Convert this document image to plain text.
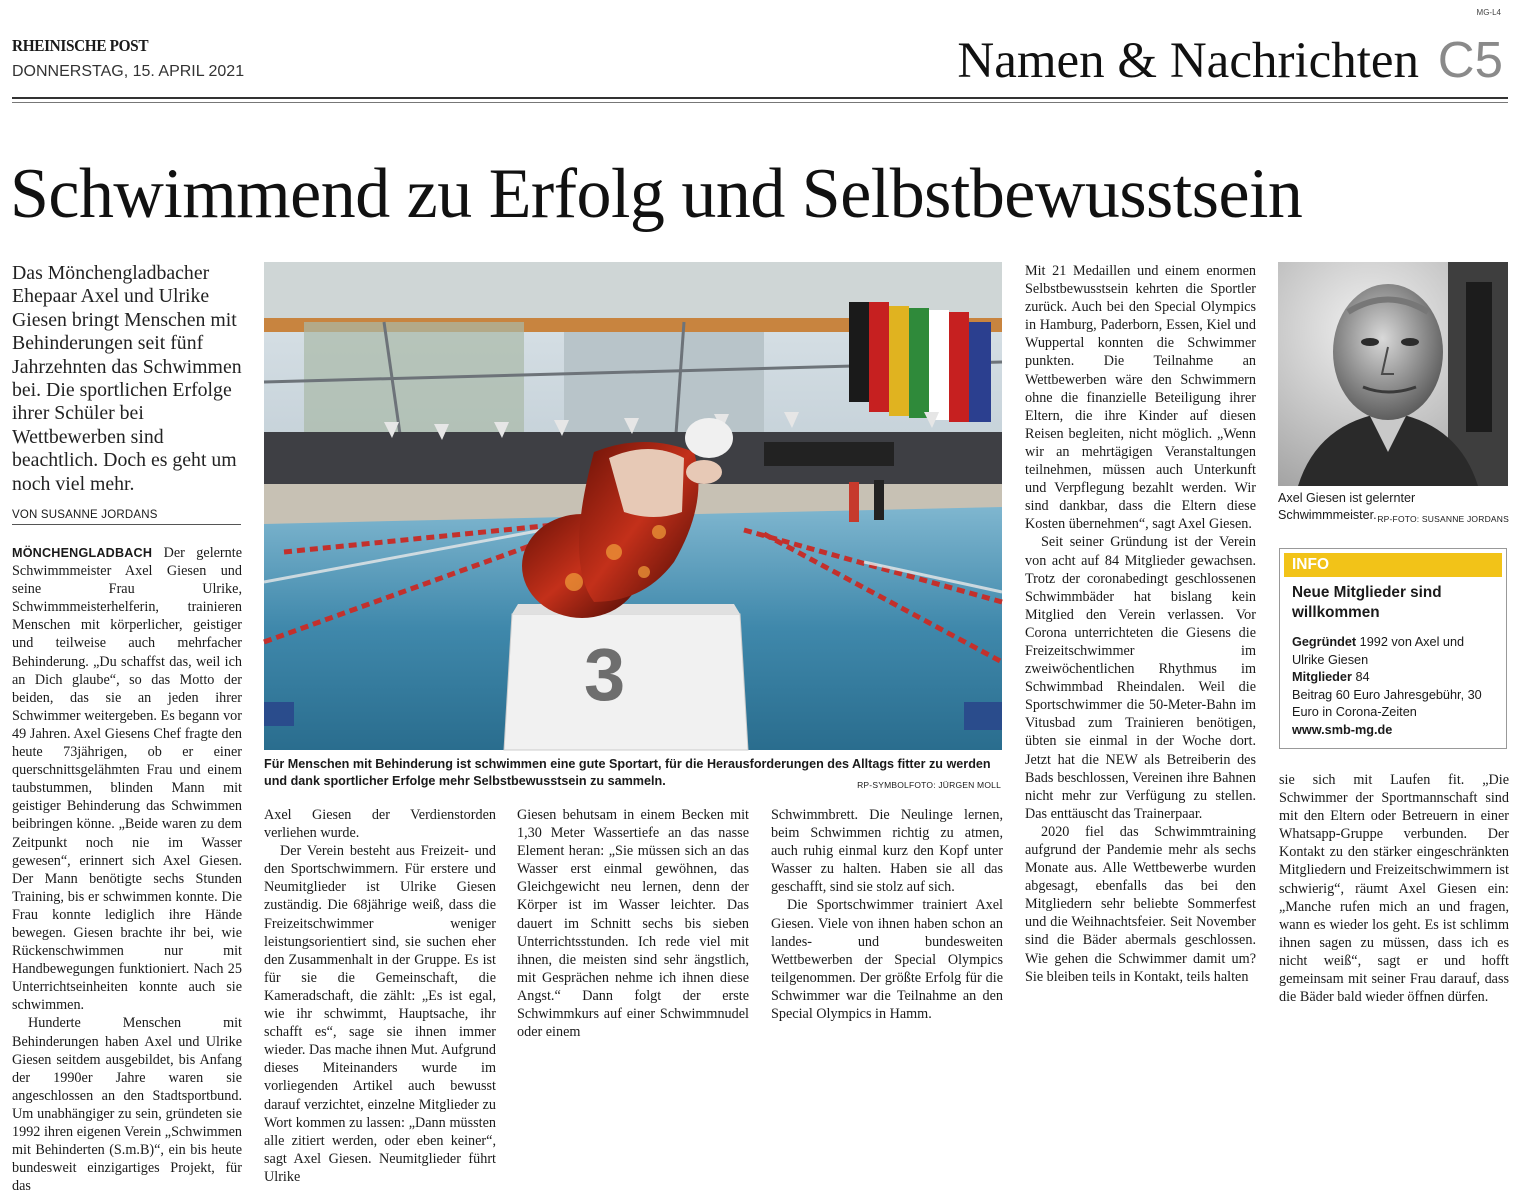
MG-L4
RHEINISCHE POST
DONNERSTAG, 15. APRIL 2021	Namen & Nachrichten C5
Schwimmend zu Erfolg und Selbstbewusstsein
Das Mönchengladbacher Ehepaar Axel und Ulrike Giesen bringt Menschen mit Behinderungen seit fünf Jahrzehnten das Schwimmen bei. Die sportlichen Erfolge ihrer Schüler bei Wettbewerben sind beachtlich. Doch es geht um noch viel mehr.
VON SUSANNE JORDANS
3
Für Menschen mit Behinderung ist schwimmen eine gute Sportart, für die Herausforderungen des Alltags fitter zu werden und dank sportlicher Erfolge mehr Selbstbewusstsein zu sammeln.	RP-SYMBOLFOTO: JÜRGEN MOLL
Axel Giesen ist gelernter Schwimmmeister. RP-FOTO: SUSANNE JORDANS
INFO
Neue Mitglieder sind willkommen
Gegründet 1992 von Axel und Ulrike Giesen
Mitglieder 84
Beitrag 60 Euro Jahresgebühr, 30 Euro in Corona-Zeiten
www.smb-mg.de

MÖNCHENGLADBACH Der gelernte Schwimmmeister Axel Giesen und seine Frau Ulrike, Schwimmmeisterhelferin, trainieren Menschen mit körperlicher, geistiger und teilweise auch mehrfacher Behinderung. „Du schaffst das, weil ich an Dich glaube“, so das Motto der beiden, das sie an jeden ihrer Schwimmer weitergeben. Es begann vor 49 Jahren. Axel Giesens Chef fragte den heute 73jährigen, ob er einer querschnittsgelähmten Frau und einem taubstummen, blinden Mann mit geistiger Behinderung das Schwimmen beibringen könne. „Beide waren zu dem Zeitpunkt noch nie im Wasser gewesen“, erinnert sich Axel Giesen. Der Mann benötigte sechs Stunden Training, bis er schwimmen konnte. Die Frau konnte lediglich ihre Hände bewegen. Giesen brachte ihr bei, wie Rückenschwimmen nur mit Handbewegungen funktioniert. Nach 25 Unterrichtseinheiten konnte auch sie schwimmen.

Hunderte Menschen mit Behinderungen haben Axel und Ulrike Giesen seitdem ausgebildet, bis Anfang der 1990er Jahre waren sie angeschlossen an den Stadtsportbund. Um unabhängiger zu sein, gründeten sie 1992 ihren eigenen Verein „Schwimmen mit Behinderten (S.m.B)“, ein bis heute bundesweit einzigartiges Projekt, für das

Axel Giesen der Verdienstorden verliehen wurde.

Der Verein besteht aus Freizeit- und den Sportschwimmern. Für erstere und Neumitglieder ist Ulrike Giesen zuständig. Die 68jährige weiß, dass die Freizeitschwimmer weniger leistungsorientiert sind, sie suchen eher den Zusammenhalt in der Gruppe. Es ist für sie die Gemeinschaft, die Kameradschaft, die zählt: „Es ist egal, wie ihr schwimmt, Hauptsache, ihr schafft es“, sage sie ihnen immer wieder. Das mache ihnen Mut. Aufgrund dieses Miteinanders wurde im vorliegenden Artikel auch bewusst darauf verzichtet, einzelne Mitglieder zu Wort kommen zu lassen: „Dann müssten alle zitiert werden, oder eben keiner“, sagt Axel Giesen. Neumitglieder führt Ulrike

Giesen behutsam in einem Becken mit 1,30 Meter Wassertiefe an das nasse Element heran: „Sie müssen sich an das Wasser erst einmal gewöhnen, das Gleichgewicht neu lernen, denn der Körper ist im Wasser leichter. Das dauert im Schnitt sechs bis sieben Unterrichtsstunden. Ich rede viel mit ihnen, die meisten sind sehr ängstlich, mit Gesprächen nehme ich ihnen diese Angst.“ Dann folgt der erste Schwimmkurs auf einer Schwimmnudel oder einem

Schwimmbrett. Die Neulinge lernen, beim Schwimmen richtig zu atmen, auch ruhig einmal kurz den Kopf unter Wasser zu halten. Haben sie all das geschafft, sind sie stolz auf sich.

Die Sportschwimmer trainiert Axel Giesen. Viele von ihnen haben schon an landes- und bundesweiten Wettbewerben der Special Olympics teilgenommen. Der größte Erfolg für die Schwimmer war die Teilnahme an den Special Olympics in Hamm.

Mit 21 Medaillen und einem enormen Selbstbewusstsein kehrten die Sportler zurück. Auch bei den Special Olympics in Hamburg, Paderborn, Essen, Kiel und Wuppertal konnten die Schwimmer punkten. Die Teilnahme an Wettbewerben wäre den Schwimmern ohne die finanzielle Beteiligung ihrer Eltern, die ihre Kinder auf diesen Reisen begleiten, nicht möglich. „Wenn wir an mehrtägigen Veranstaltungen teilnehmen, müssen auch Unterkunft und Verpflegung bezahlt werden. Wir sind dankbar, dass die Eltern diese Kosten übernehmen“, sagt Axel Giesen.

Seit seiner Gründung ist der Verein von acht auf 84 Mitglieder gewachsen. Trotz der coronabedingt geschlossenen Schwimmbäder hat bislang kein Mitglied den Verein verlassen. Vor Corona unterrichteten die Giesens die Freizeitschwimmer im zweiwöchentlichen Rhythmus im Schwimmbad Rheindalen. Weil die Sportschwimmer die 50-Meter-Bahn im Vitusbad zum Trainieren benötigen, übten sie einmal in der Woche dort. Jetzt hat die NEW als Betreiberin des Bads beschlossen, Vereinen ihre Bahnen nicht mehr zur Verfügung zu stellen. Das enttäuscht das Trainerpaar.

2020 fiel das Schwimmtraining aufgrund der Pandemie mehr als sechs Monate aus. Alle Wettbewerbe wurden abgesagt, ebenfalls das bei den Mitgliedern sehr beliebte Sommerfest und die Weihnachtsfeier. Seit November sind die Bäder abermals geschlossen. Wie gehen die Schwimmer damit um? Sie bleiben teils in Kontakt, teils halten

sie sich mit Laufen fit. „Die Schwimmer der Sportmannschaft sind mit den Eltern oder Betreuern in einer Whatsapp-Gruppe verbunden. Der Kontakt zu den stärker eingeschränkten Mitgliedern und Freizeitschwimmern ist schwierig“, räumt Axel Giesen ein: „Manche rufen mich an und fragen, wann es wieder los geht. Es ist schlimm ihnen sagen zu müssen, dass ich es nicht weiß“, sagt er und hofft gemeinsam mit seiner Frau darauf, dass die Bäder bald wieder öffnen dürfen.
